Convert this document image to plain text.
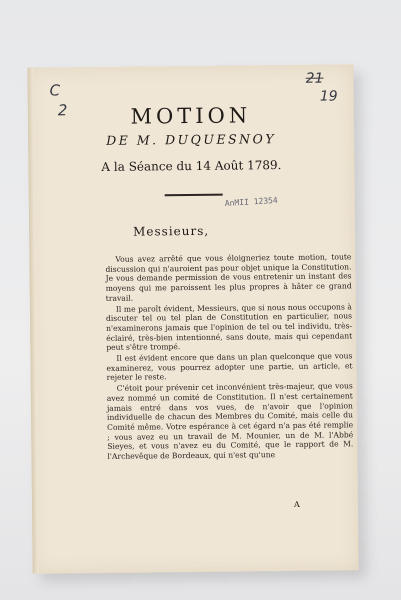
C
2
21
19
MOTION
DE M. DUQUESNOY
A la Séance du 14 Août 1789.
AnMII 12354
Messieurs,

Vous avez arrêté que vous éloigneriez toute motion, toute discussion qui n'auroient pas pour objet unique la Constitution. Je vous demande permission de vous entretenir un instant des moyens qui me paroissent les plus propres à hâter ce grand travail.

Il me paroît évident, Messieurs, que si nous nous occupons à discuter tel ou tel plan de Constitution en particulier, nous n'examinerons jamais que l'opinion de tel ou tel individu, très-éclairé, très-bien intentionné, sans doute, mais qui cependant peut s'être trompé.

Il est évident encore que dans un plan quelconque que vous examinerez, vous pourrez adopter une partie, un article, et rejeter le reste.

C'étoit pour prévenir cet inconvénient très-majeur, que vous avez nommé un comité de Constitution. Il n'est certainement jamais entré dans vos vues, de n'avoir que l'opinion individuelle de chacun des Membres du Comité, mais celle du Comité même. Votre espérance à cet égard n'a pas été remplie ; vous avez eu un travail de M. Mounier, un de M. l'Abbé Sieyes, et vous n'avez eu du Comité, que le rapport de M. l'Archevêque de Bordeaux, qui n'est qu'une

A
